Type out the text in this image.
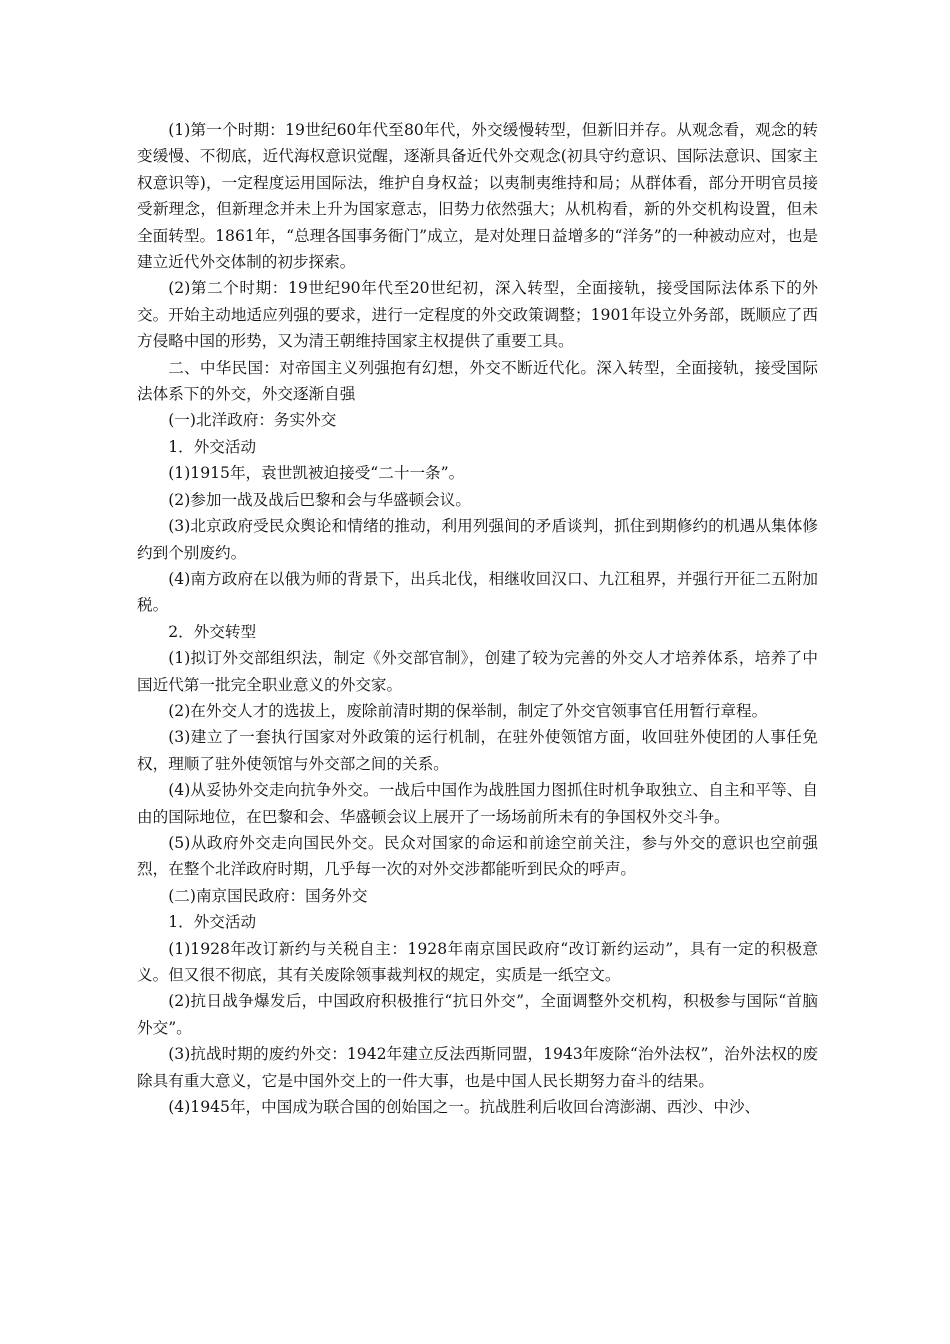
(1)第一个时期：19世纪60年代至80年代，外交缓慢转型，但新旧并存。从观念看，观念的转变缓慢、不彻底，近代海权意识觉醒，逐渐具备近代外交观念(初具守约意识、国际法意识、国家主权意识等)，一定程度运用国际法，维护自身权益；以夷制夷维持和局；从群体看，部分开明官员接受新理念，但新理念并未上升为国家意志，旧势力依然强大；从机构看，新的外交机构设置，但未全面转型。1861年，“总理各国事务衙门”成立，是对处理日益增多的“洋务”的一种被动应对，也是建立近代外交体制的初步探索。

(2)第二个时期：19世纪90年代至20世纪初，深入转型，全面接轨，接受国际法体系下的外交。开始主动地适应列强的要求，进行一定程度的外交政策调整；1901年设立外务部，既顺应了西方侵略中国的形势，又为清王朝维持国家主权提供了重要工具。

二、中华民国：对帝国主义列强抱有幻想，外交不断近代化。深入转型，全面接轨，接受国际法体系下的外交，外交逐渐自强

(一)北洋政府：务实外交

1．外交活动

(1)1915年，袁世凯被迫接受“二十一条”。

(2)参加一战及战后巴黎和会与华盛顿会议。

(3)北京政府受民众舆论和情绪的推动，利用列强间的矛盾谈判，抓住到期修约的机遇从集体修约到个别废约。

(4)南方政府在以俄为师的背景下，出兵北伐，相继收回汉口、九江租界，并强行开征二五附加税。

2．外交转型

(1)拟订外交部组织法，制定《外交部官制》，创建了较为完善的外交人才培养体系，培养了中国近代第一批完全职业意义的外交家。

(2)在外交人才的选拔上，废除前清时期的保举制，制定了外交官领事官任用暂行章程。

(3)建立了一套执行国家对外政策的运行机制，在驻外使领馆方面，收回驻外使团的人事任免权，理顺了驻外使领馆与外交部之间的关系。

(4)从妥协外交走向抗争外交。一战后中国作为战胜国力图抓住时机争取独立、自主和平等、自由的国际地位，在巴黎和会、华盛顿会议上展开了一场场前所未有的争国权外交斗争。

(5)从政府外交走向国民外交。民众对国家的命运和前途空前关注，参与外交的意识也空前强烈，在整个北洋政府时期，几乎每一次的对外交涉都能听到民众的呼声。

(二)南京国民政府：国务外交

1．外交活动

(1)1928年改订新约与关税自主：1928年南京国民政府“改订新约运动”，具有一定的积极意义。但又很不彻底，其有关废除领事裁判权的规定，实质是一纸空文。

(2)抗日战争爆发后，中国政府积极推行“抗日外交”，全面调整外交机构，积极参与国际“首脑外交”。

(3)抗战时期的废约外交：1942年建立反法西斯同盟，1943年废除“治外法权”，治外法权的废除具有重大意义，它是中国外交上的一件大事，也是中国人民长期努力奋斗的结果。

(4)1945年，中国成为联合国的创始国之一。抗战胜利后收回台湾澎湖、西沙、中沙、
